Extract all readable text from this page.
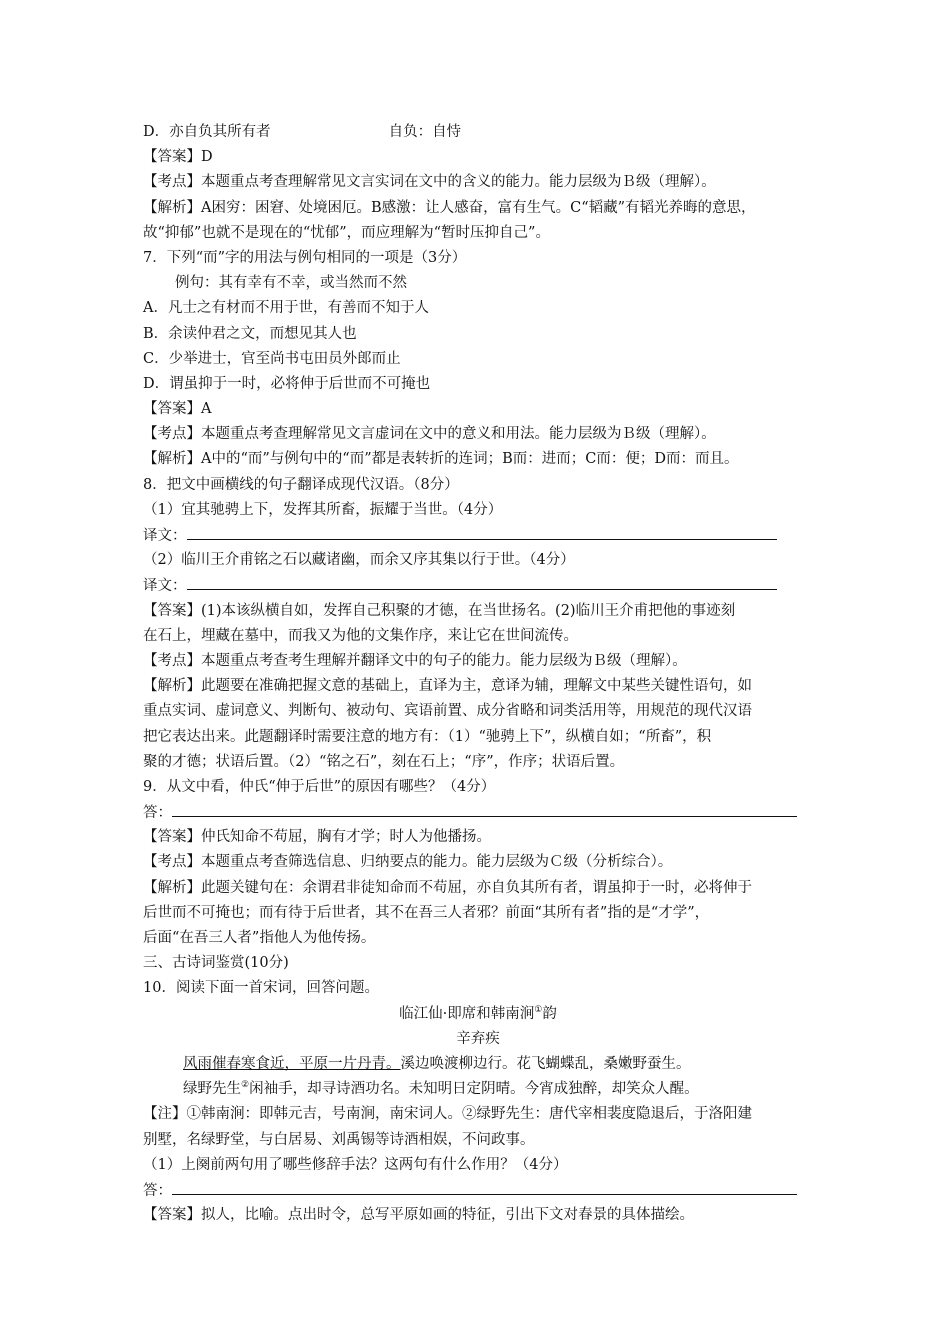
D．亦自负其所有者	自负：自恃
【答案】D
【考点】本题重点考查理解常见文言实词在文中的含义的能力。能力层级为Ｂ级（理解）。
【解析】A困穷：困窘、处境困厄。B感激：让人感奋，富有生气。C“韬藏”有韬光养晦的意思，
故“抑郁”也就不是现在的“忧郁”，而应理解为“暂时压抑自己”。
7．下列“而”字的用法与例句相同的一项是（3分）
例句：其有幸有不幸，或当然而不然
A．凡士之有材而不用于世，有善而不知于人
B．余读仲君之文，而想见其人也
C．少举进士，官至尚书屯田员外郎而止
D．谓虽抑于一时，必将伸于后世而不可掩也
【答案】A
【考点】本题重点考查理解常见文言虚词在文中的意义和用法。能力层级为Ｂ级（理解）。
【解析】A中的“而”与例句中的“而”都是表转折的连词；B而：进而；C而：便；D而：而且。
8．把文中画横线的句子翻译成现代汉语。（8分）
（1）宜其驰骋上下，发挥其所畜，振耀于当世。（4分）
译文：
（2）临川王介甫铭之石以藏诸幽，而余又序其集以行于世。（4分）
译文：
【答案】(1)本该纵横自如，发挥自己积聚的才德，在当世扬名。(2)临川王介甫把他的事迹刻
在石上，埋藏在墓中，而我又为他的文集作序，来让它在世间流传。
【考点】本题重点考查考生理解并翻译文中的句子的能力。能力层级为Ｂ级（理解）。
【解析】此题要在准确把握文意的基础上，直译为主，意译为辅，理解文中某些关键性语句，如
重点实词、虚词意义、判断句、被动句、宾语前置、成分省略和词类活用等，用规范的现代汉语
把它表达出来。此题翻译时需要注意的地方有：（1）“驰骋上下”，纵横自如；“所畜”，积
聚的才德；状语后置。（2）“铭之石”，刻在石上；“序”，作序；状语后置。
9．从文中看，仲氏“伸于后世”的原因有哪些？（4分）
答：
【答案】仲氏知命不苟屈，胸有才学；时人为他播扬。
【考点】本题重点考查筛选信息、归纳要点的能力。能力层级为Ｃ级（分析综合）。
【解析】此题关键句在：余谓君非徒知命而不苟屈，亦自负其所有者，谓虽抑于一时，必将伸于
后世而不可掩也；而有待于后世者，其不在吾三人者邪？前面“其所有者”指的是“才学”，
后面“在吾三人者”指他人为他传扬。
三、古诗词鉴赏(10分)
10．阅读下面一首宋词，回答问题。
临江仙·即席和韩南涧①韵
辛弃疾
风雨催春寒食近，平原一片丹青。溪边唤渡柳边行。花飞蝴蝶乱，桑嫩野蚕生。
绿野先生②闲袖手，却寻诗酒功名。未知明日定阴晴。今宵成独醉，却笑众人醒。
【注】①韩南涧：即韩元吉，号南涧，南宋词人。②绿野先生：唐代宰相裴度隐退后，于洛阳建
别墅，名绿野堂，与白居易、刘禹锡等诗酒相娱，不问政事。
（1）上阕前两句用了哪些修辞手法？这两句有什么作用？（4分）
答：
【答案】拟人，比喻。点出时令，总写平原如画的特征，引出下文对春景的具体描绘。
